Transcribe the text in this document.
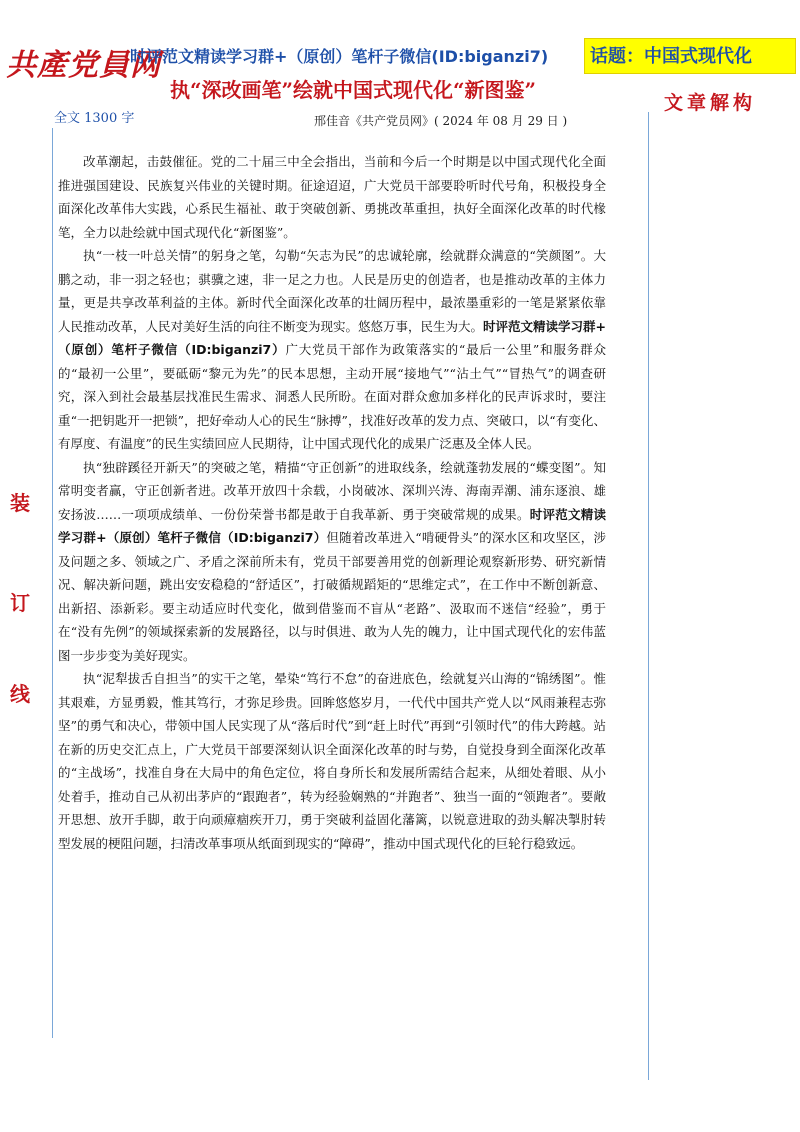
共產党員网
时评范文精读学习群+（原创）笔杆子微信(ID:biganzi7) 话题：中国式现代化
全文 1300 字
执“深改画笔”绘就中国式现代化“新图鉴”
文章解构
邢佳音《共产党员网》( 2024 年 08 月 29 日 )
装
订
线

改革潮起，击鼓催征。党的二十届三中全会指出，当前和今后一个时期是以中国式现代化全面推进强国建设、民族复兴伟业的关键时期。征途迢迢，广大党员干部要聆听时代号角，积极投身全面深化改革伟大实践，心系民生福祉、敢于突破创新、勇挑改革重担，执好全面深化改革的时代椽笔，全力以赴绘就中国式现代化“新图鉴”。

执“一枝一叶总关情”的躬身之笔，勾勒“矢志为民”的忠诚轮廓，绘就群众满意的“笑颜图”。大鹏之动，非一羽之轻也；骐骥之速，非一足之力也。人民是历史的创造者，也是推动改革的主体力量，更是共享改革利益的主体。新时代全面深化改革的壮阔历程中，最浓墨重彩的一笔是紧紧依靠人民推动改革，人民对美好生活的向往不断变为现实。悠悠万事，民生为大。时评范文精读学习群+（原创）笔杆子微信（ID:biganzi7）广大党员干部作为政策落实的“最后一公里”和服务群众的“最初一公里”，要砥砺“黎元为先”的民本思想，主动开展“接地气”“沾土气”“冒热气”的调查研究，深入到社会最基层找准民生需求、洞悉人民所盼。在面对群众愈加多样化的民声诉求时，要注重“一把钥匙开一把锁”，把好牵动人心的民生“脉搏”，找准好改革的发力点、突破口，以“有变化、有厚度、有温度”的民生实绩回应人民期待，让中国式现代化的成果广泛惠及全体人民。

执“独辟蹊径开新天”的突破之笔，精描“守正创新”的进取线条，绘就蓬勃发展的“蝶变图”。知常明变者赢，守正创新者进。改革开放四十余载，小岗破冰、深圳兴涛、海南弄潮、浦东逐浪、雄安扬波……一项项成绩单、一份份荣誉书都是敢于自我革新、勇于突破常规的成果。时评范文精读学习群+（原创）笔杆子微信（ID:biganzi7）但随着改革进入“啃硬骨头”的深水区和攻坚区，涉及问题之多、领域之广、矛盾之深前所未有，党员干部要善用党的创新理论观察新形势、研究新情况、解决新问题，跳出安安稳稳的“舒适区”，打破循规蹈矩的“思维定式”，在工作中不断创新意、出新招、添新彩。要主动适应时代变化，做到借鉴而不盲从“老路”、汲取而不迷信“经验”，勇于在“没有先例”的领域探索新的发展路径，以与时俱进、敢为人先的魄力，让中国式现代化的宏伟蓝图一步步变为美好现实。

执“泥犁拔舌自担当”的实干之笔，晕染“笃行不怠”的奋进底色，绘就复兴山海的“锦绣图”。惟其艰难，方显勇毅，惟其笃行，才弥足珍贵。回眸悠悠岁月，一代代中国共产党人以“风雨兼程志弥坚”的勇气和决心，带领中国人民实现了从“落后时代”到“赶上时代”再到“引领时代”的伟大跨越。站在新的历史交汇点上，广大党员干部要深刻认识全面深化改革的时与势，自觉投身到全面深化改革的“主战场”，找准自身在大局中的角色定位，将自身所长和发展所需结合起来，从细处着眼、从小处着手，推动自己从初出茅庐的“跟跑者”，转为经验娴熟的“并跑者”、独当一面的“领跑者”。要敞开思想、放开手脚，敢于向顽瘴痼疾开刀，勇于突破利益固化藩篱，以锐意进取的劲头解决掣肘转型发展的梗阻问题，扫清改革事项从纸面到现实的“障碍”，推动中国式现代化的巨轮行稳致远。
